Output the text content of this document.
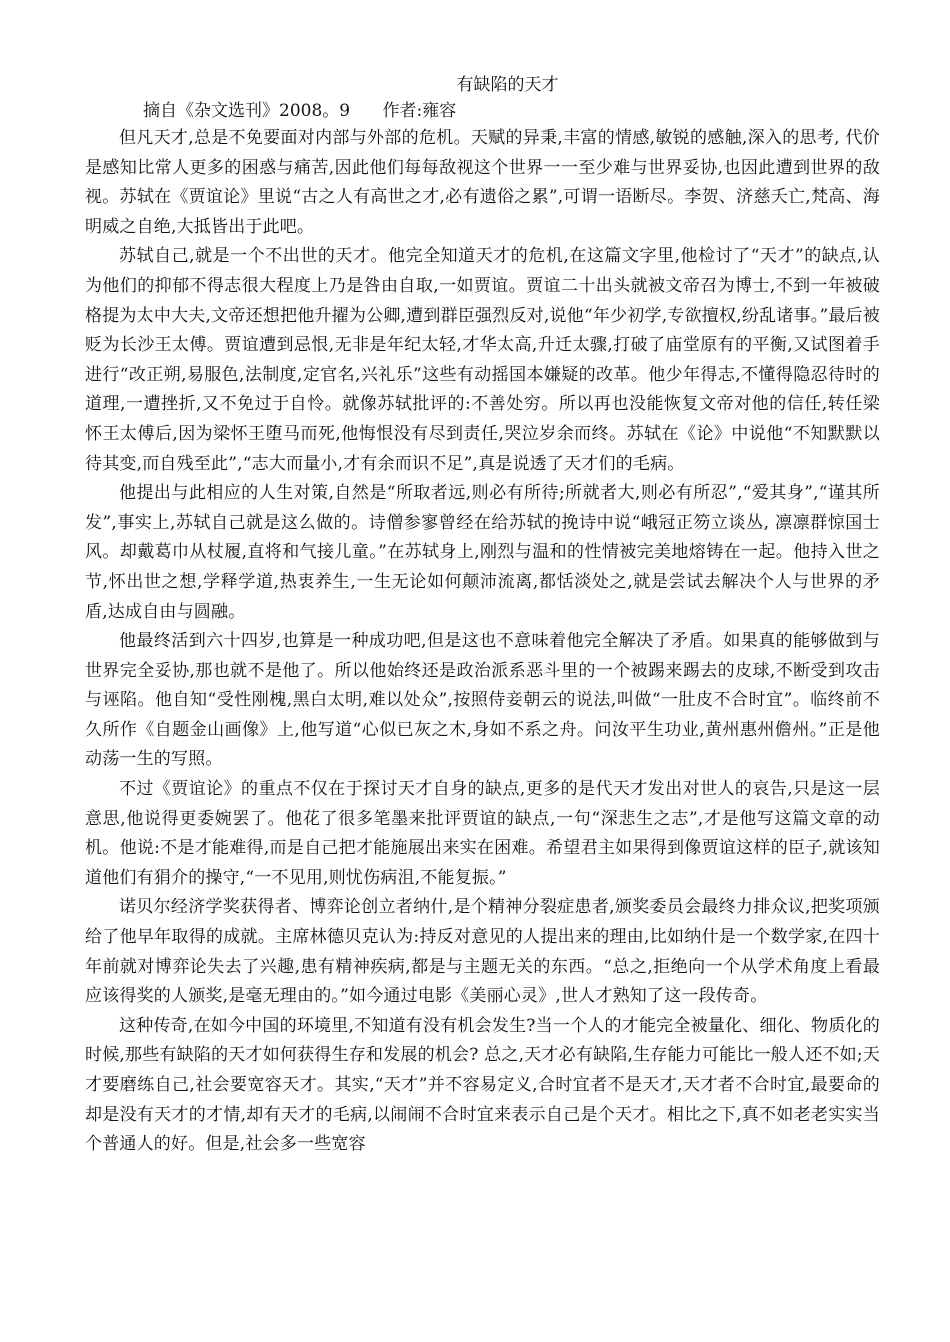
有缺陷的天才
摘自《杂文选刊》2008。9      作者:雍容

但凡天才,总是不免要面对内部与外部的危机。天赋的异秉,丰富的情感,敏锐的感触,深入的思考, 代价是感知比常人更多的困惑与痛苦,因此他们每每敌视这个世界一一至少难与世界妥协,也因此遭到世界的敌视。苏轼在《贾谊论》里说“古之人有高世之才,必有遗俗之累”,可谓一语断尽。李贺、济慈夭亡,梵高、海明威之自绝,大抵皆出于此吧。

苏轼自己,就是一个不出世的天才。他完全知道天才的危机,在这篇文字里,他检讨了“天才”的缺点,认为他们的抑郁不得志很大程度上乃是咎由自取,一如贾谊。贾谊二十出头就被文帝召为博士,不到一年被破格提为太中大夫,文帝还想把他升擢为公卿,遭到群臣强烈反对,说他“年少初学,专欲擅权,纷乱诸事。”最后被贬为长沙王太傅。贾谊遭到忌恨,无非是年纪太轻,才华太高,升迁太骤,打破了庙堂原有的平衡,又试图着手进行“改正朔,易服色,法制度,定官名,兴礼乐”这些有动摇国本嫌疑的改革。他少年得志,不懂得隐忍待时的道理,一遭挫折,又不免过于自怜。就像苏轼批评的:不善处穷。所以再也没能恢复文帝对他的信任,转任梁怀王太傅后,因为梁怀王堕马而死,他悔恨没有尽到责任,哭泣岁余而终。苏轼在《论》中说他“不知默默以待其变,而自残至此”,“志大而量小,才有余而识不足”,真是说透了天才们的毛病。

他提出与此相应的人生对策,自然是“所取者远,则必有所待;所就者大,则必有所忍”,“爱其身”,“谨其所发”,事实上,苏轼自己就是这么做的。诗僧参寥曾经在给苏轼的挽诗中说“峨冠正笏立谈丛, 凛凛群惊国士风。却戴葛巾从杖履,直将和气接儿童。”在苏轼身上,刚烈与温和的性情被完美地熔铸在一起。他持入世之节,怀出世之想,学释学道,热衷养生,一生无论如何颠沛流离,都恬淡处之,就是尝试去解决个人与世界的矛盾,达成自由与圆融。

他最终活到六十四岁,也算是一种成功吧,但是这也不意味着他完全解决了矛盾。如果真的能够做到与世界完全妥协,那也就不是他了。所以他始终还是政治派系恶斗里的一个被踢来踢去的皮球,不断受到攻击与诬陷。他自知“受性刚槐,黑白太明,难以处众”,按照侍妾朝云的说法,叫做“一肚皮不合时宜”。临终前不久所作《自题金山画像》上,他写道“心似已灰之木,身如不系之舟。问汝平生功业,黄州惠州儋州。”正是他动荡一生的写照。

不过《贾谊论》的重点不仅在于探讨天才自身的缺点,更多的是代天才发出对世人的哀告,只是这一层意思,他说得更委婉罢了。他花了很多笔墨来批评贾谊的缺点,一句“深悲生之志”,才是他写这篇文章的动机。他说:不是才能难得,而是自己把才能施展出来实在困难。希望君主如果得到像贾谊这样的臣子,就该知道他们有狷介的操守,“一不见用,则忧伤病沮,不能复振。”

诺贝尔经济学奖获得者、博弈论创立者纳什,是个精神分裂症患者,颁奖委员会最终力排众议,把奖项颁给了他早年取得的成就。主席林德贝克认为:持反对意见的人提出来的理由,比如纳什是一个数学家,在四十年前就对博弈论失去了兴趣,患有精神疾病,都是与主题无关的东西。“总之,拒绝向一个从学术角度上看最应该得奖的人颁奖,是毫无理由的。”如今通过电影《美丽心灵》,世人才熟知了这一段传奇。

这种传奇,在如今中国的环境里,不知道有没有机会发生?当一个人的才能完全被量化、细化、物质化的时候,那些有缺陷的天才如何获得生存和发展的机会? 总之,天才必有缺陷,生存能力可能比一般人还不如;天才要磨练自己,社会要宽容天才。其实,“天才”并不容易定义,合时宜者不是天才,天才者不合时宜,最要命的却是没有天才的才情,却有天才的毛病,以闹闹不合时宜来表示自己是个天才。相比之下,真不如老老实实当个普通人的好。但是,社会多一些宽容
